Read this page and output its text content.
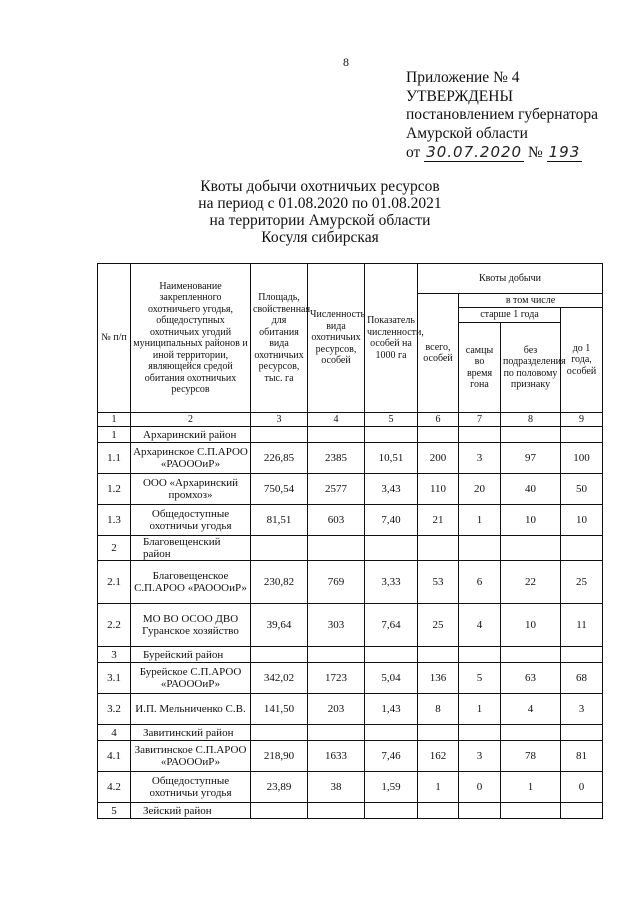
8
Приложение № 4
УТВЕРЖДЕНЫ
постановлением губернатора
Амурской области
от 30.07.2020 № 193
Квоты добычи охотничьих ресурсов
на период с 01.08.2020 по 01.08.2021
на территории Амурской области
Косуля сибирская
№ п/п	Наименование закрепленного охотничьего угодья, общедоступных охотничьих угодий муниципальных районов и иной территории, являющейся средой обитания охотничьих ресурсов	Площадь, свойственная для обитания вида охотничьих ресурсов, тыс. га	Численность вида охотничьих ресурсов, особей	Показатель численности, особей на 1000 га	Квоты добычи			
					всего, особей	в том числе		
						старше 1 года		до 1 года, особей
						самцы во время гона	без подразделения по половому признаку	
1	2	3	4	5	6	7	8	9
1	Архаринский район							
1.1	Архаринское С.П.АРОО «РАОООиР»	226,85	2385	10,51	200	3	97	100
1.2	ООО «Архаринский промхоз»	750,54	2577	3,43	110	20	40	50
1.3	Общедоступные охотничьи угодья	81,51	603	7,40	21	1	10	10
2	Благовещенский район							
2.1	Благовещенское С.П.АРОО «РАОООиР»	230,82	769	3,33	53	6	22	25
2.2	МО ВО ОСОО ДВО Гуранское хозяйство	39,64	303	7,64	25	4	10	11
3	Бурейский район							
3.1	Бурейское С.П.АРОО «РАОООиР»	342,02	1723	5,04	136	5	63	68
3.2	И.П. Мельниченко С.В.	141,50	203	1,43	8	1	4	3
4	Завитинский район							
4.1	Завитинское С.П.АРОО «РАОООиР»	218,90	1633	7,46	162	3	78	81
4.2	Общедоступные охотничьи угодья	23,89	38	1,59	1	0	1	0
5	Зейский район							
